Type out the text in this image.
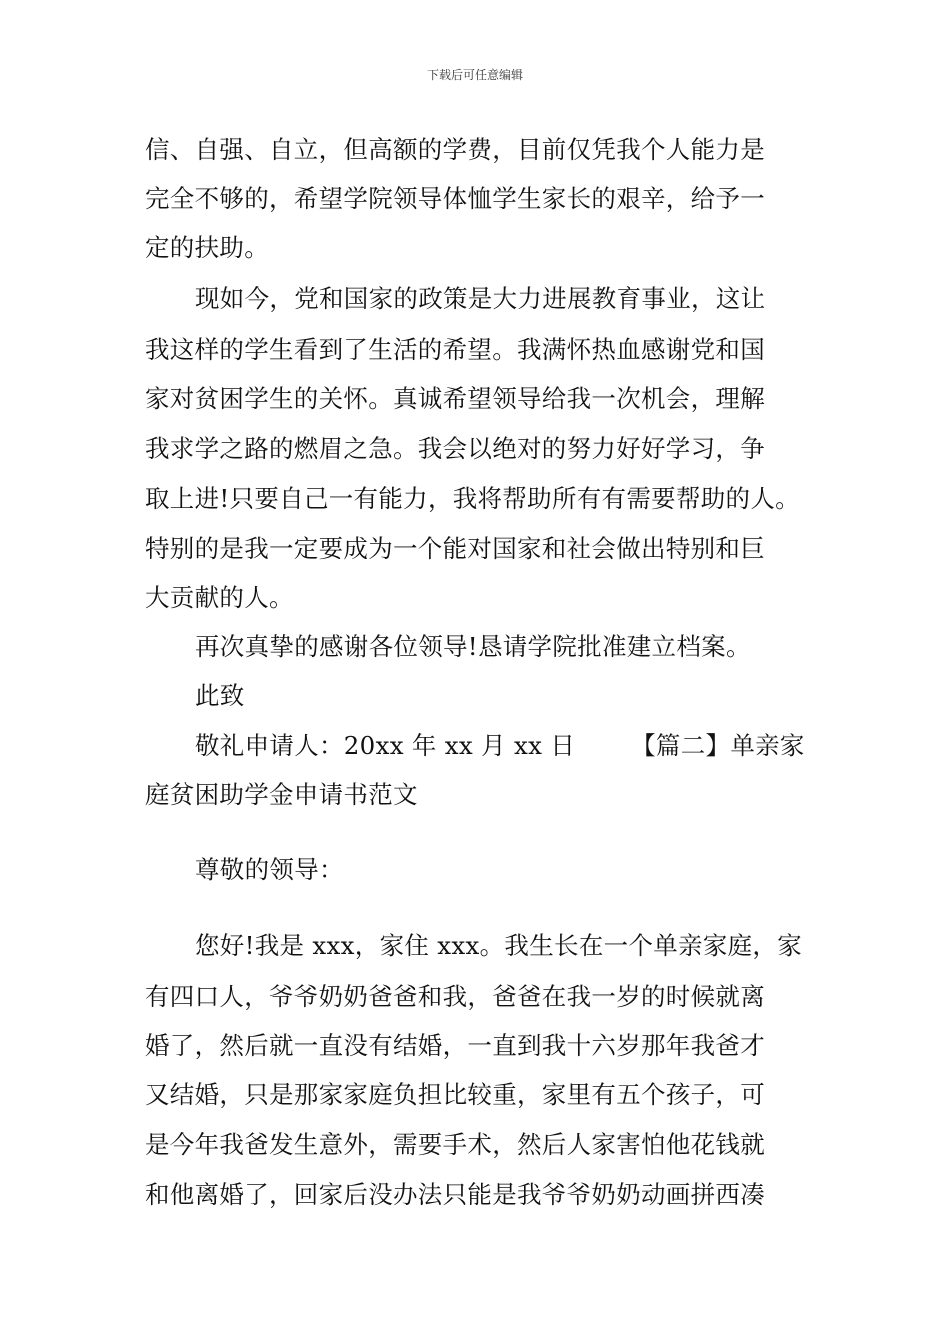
下载后可任意编辑
信、自强、自立，但高额的学费，目前仅凭我个人能力是
完全不够的，希望学院领导体恤学生家长的艰辛，给予一
定的扶助。
现如今，党和国家的政策是大力进展教育事业，这让
我这样的学生看到了生活的希望。我满怀热血感谢党和国
家对贫困学生的关怀。真诚希望领导给我一次机会，理解
我求学之路的燃眉之急。我会以绝对的努力好好学习，争
取上进!只要自己一有能力，我将帮助所有有需要帮助的人。
特别的是我一定要成为一个能对国家和社会做出特别和巨
大贡献的人。
再次真挚的感谢各位领导!恳请学院批准建立档案。
此致
敬礼申请人：20xx 年 xx 月 xx 日 【篇二】单亲家
庭贫困助学金申请书范文
尊敬的领导：
您好!我是 xxx，家住 xxx。我生长在一个单亲家庭，家
有四口人，爷爷奶奶爸爸和我，爸爸在我一岁的时候就离
婚了，然后就一直没有结婚，一直到我十六岁那年我爸才
又结婚，只是那家家庭负担比较重，家里有五个孩子，可
是今年我爸发生意外，需要手术，然后人家害怕他花钱就
和他离婚了，回家后没办法只能是我爷爷奶奶动画拼西凑
